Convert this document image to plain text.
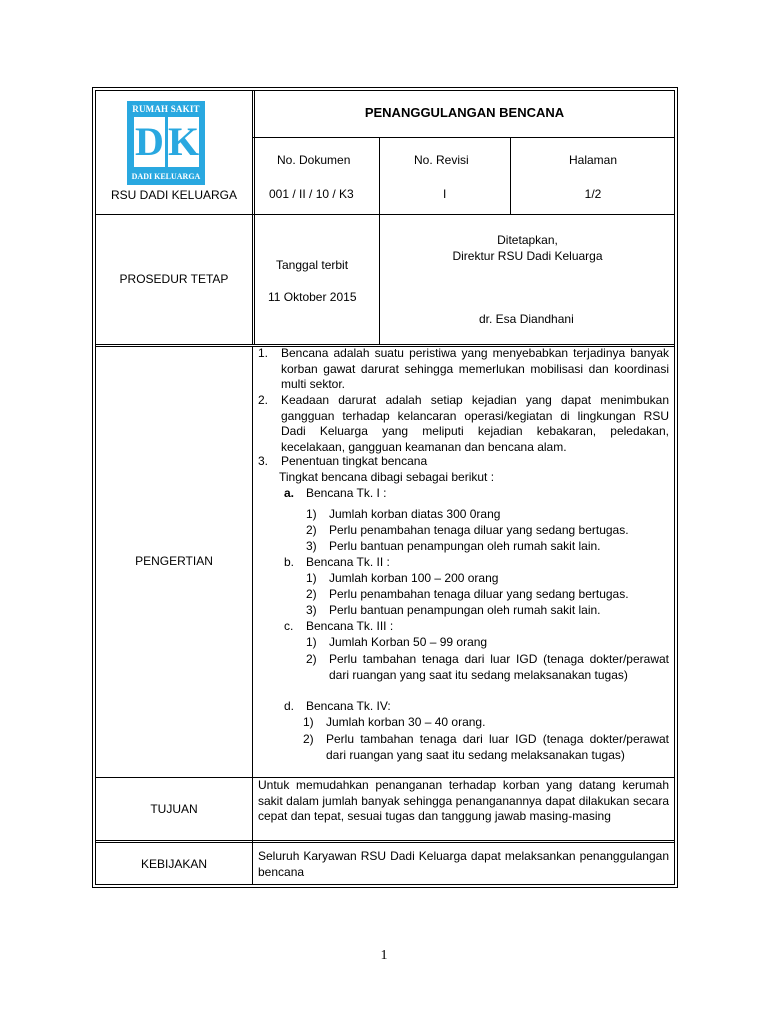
RUMAH SAKIT
D K
DADI KELUARGA
RSU DADI KELUARGA
PENANGGULANGAN BENCANA
No. Dokumen
001 / II / 10 / K3
No. Revisi
I
Halaman
1/2
PROSEDUR TETAP
Tanggal terbit
11 Oktober 2015
Ditetapkan,
Direktur RSU Dadi Keluarga
dr. Esa Diandhani
PENGERTIAN
1. Bencana adalah suatu peristiwa yang menyebabkan terjadinya banyak korban gawat darurat sehingga memerlukan mobilisasi dan koordinasi multi sektor.
2. Keadaan darurat adalah setiap kejadian yang dapat menimbukan gangguan terhadap kelancaran operasi/kegiatan di lingkungan RSU Dadi Keluarga yang meliputi kejadian kebakaran, peledakan, kecelakaan, gangguan keamanan dan bencana alam.
3. Penentuan tingkat bencana
Tingkat bencana dibagi sebagai berikut :
a. Bencana Tk. I :
1) Jumlah korban diatas 300 0rang
2) Perlu penambahan tenaga diluar yang sedang bertugas.
3) Perlu bantuan penampungan oleh rumah sakit lain.
b. Bencana Tk. II :
1) Jumlah korban 100 – 200 orang
2) Perlu penambahan tenaga diluar yang sedang bertugas.
3) Perlu bantuan penampungan oleh rumah sakit lain.
c. Bencana Tk. III :
1) Jumlah Korban 50 – 99 orang
2) Perlu tambahan tenaga dari luar IGD (tenaga dokter/perawat dari ruangan yang saat itu sedang melaksanakan tugas)
d. Bencana Tk. IV:
1) Jumlah korban 30 – 40 orang.
2) Perlu tambahan tenaga dari luar IGD (tenaga dokter/perawat dari ruangan yang saat itu sedang melaksanakan tugas)
TUJUAN
Untuk memudahkan penanganan terhadap korban yang datang kerumah sakit dalam jumlah banyak sehingga penanganannya dapat dilakukan secara cepat dan tepat, sesuai tugas dan tanggung jawab masing-masing
KEBIJAKAN
Seluruh Karyawan RSU Dadi Keluarga dapat melaksankan penanggulangan bencana
1
